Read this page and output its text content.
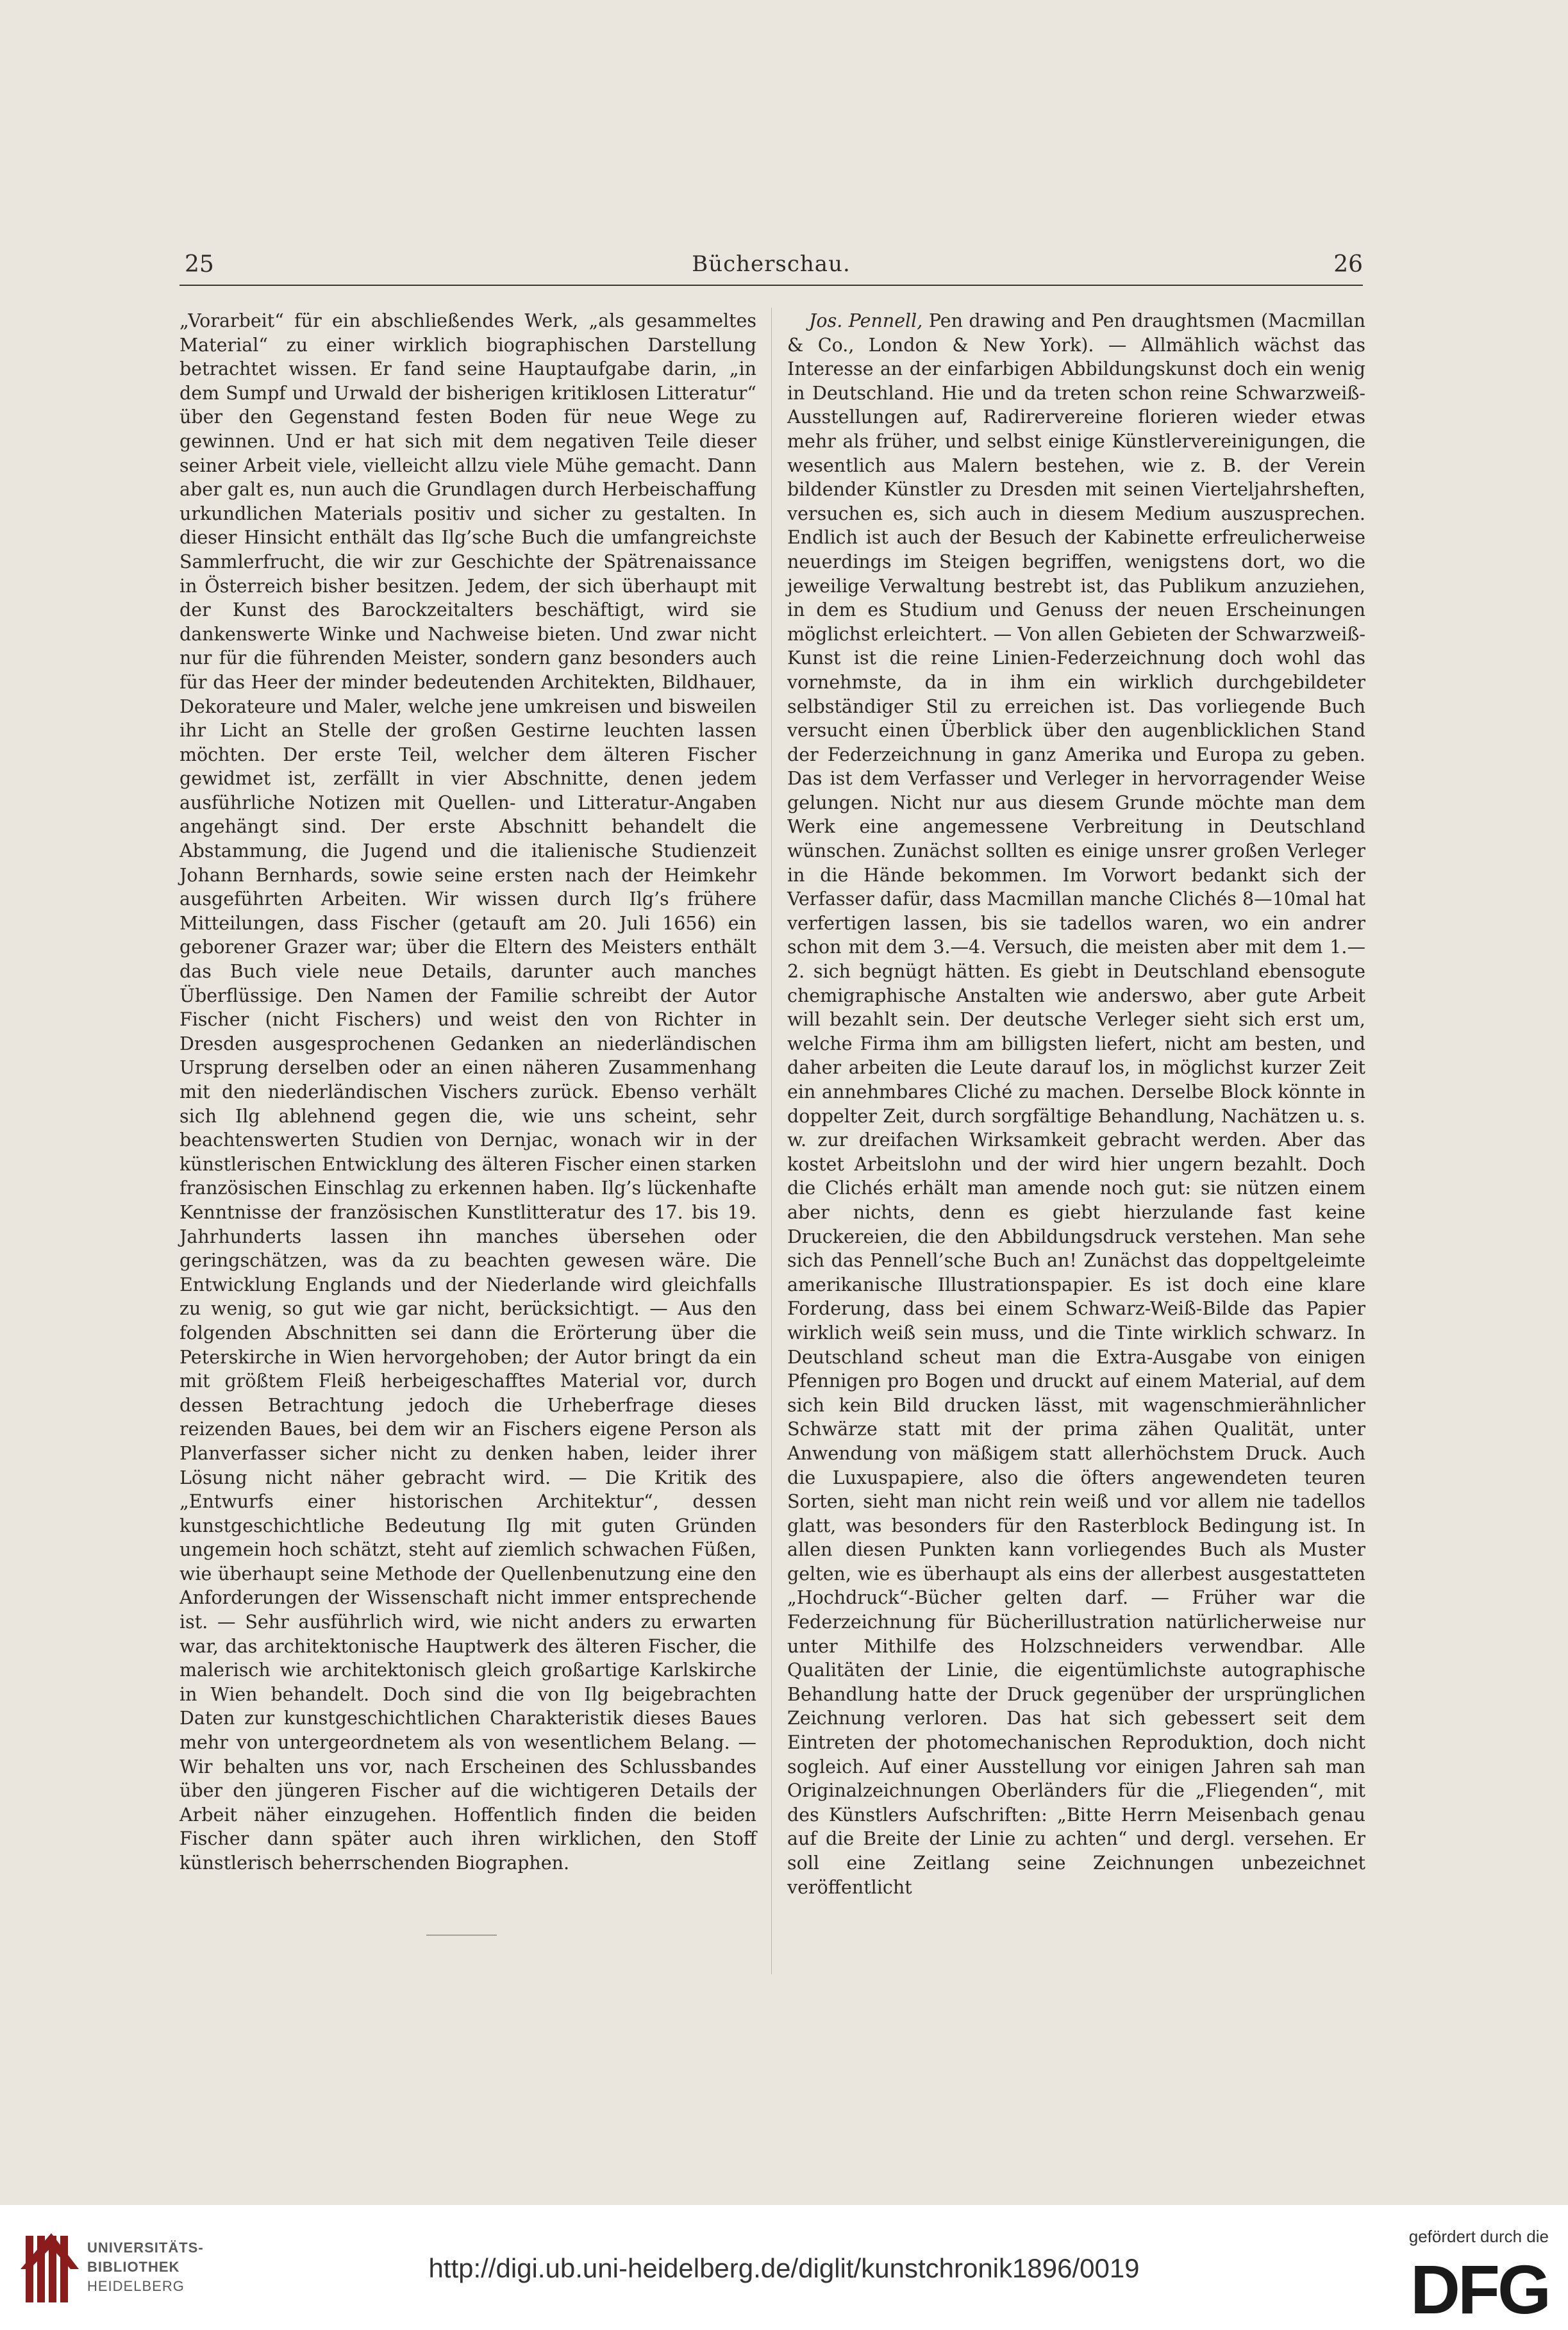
25	Bücherschau.	26

„Vorarbeit“ für ein abschließendes Werk, „als gesammeltes Material“ zu einer wirklich biographischen Darstellung betrachtet wissen. Er fand seine Hauptaufgabe darin, „in dem Sumpf und Urwald der bisherigen kritiklosen Litteratur“ über den Gegenstand festen Boden für neue Wege zu gewinnen. Und er hat sich mit dem negativen Teile dieser seiner Arbeit viele, vielleicht allzu viele Mühe gemacht. Dann aber galt es, nun auch die Grundlagen durch Herbeischaffung urkundlichen Materials positiv und sicher zu gestalten. In dieser Hinsicht enthält das Ilg’sche Buch die umfangreichste Sammlerfrucht, die wir zur Geschichte der Spätrenaissance in Österreich bisher besitzen. Jedem, der sich überhaupt mit der Kunst des Barockzeitalters beschäftigt, wird sie dankenswerte Winke und Nachweise bieten. Und zwar nicht nur für die führenden Meister, sondern ganz besonders auch für das Heer der minder bedeutenden Architekten, Bildhauer, Dekorateure und Maler, welche jene umkreisen und bisweilen ihr Licht an Stelle der großen Gestirne leuchten lassen möchten. Der erste Teil, welcher dem älteren Fischer gewidmet ist, zerfällt in vier Abschnitte, denen jedem ausführliche Notizen mit Quellen- und Litteratur-Angaben angehängt sind. Der erste Abschnitt behandelt die Abstammung, die Jugend und die italienische Studienzeit Johann Bernhards, sowie seine ersten nach der Heimkehr ausgeführten Arbeiten. Wir wissen durch Ilg’s frühere Mitteilungen, dass Fischer (getauft am 20. Juli 1656) ein geborener Grazer war; über die Eltern des Meisters enthält das Buch viele neue Details, darunter auch manches Überflüssige. Den Namen der Familie schreibt der Autor Fischer (nicht Fischers) und weist den von Richter in Dresden ausgesprochenen Gedanken an niederländischen Ursprung derselben oder an einen näheren Zusammenhang mit den niederländischen Vischers zurück. Ebenso verhält sich Ilg ablehnend gegen die, wie uns scheint, sehr beachtenswerten Studien von Dernjac, wonach wir in der künstlerischen Entwicklung des älteren Fischer einen starken französischen Einschlag zu erkennen haben. Ilg’s lückenhafte Kenntnisse der französischen Kunstlitteratur des 17. bis 19. Jahrhunderts lassen ihn manches übersehen oder geringschätzen, was da zu beachten gewesen wäre. Die Entwicklung Englands und der Niederlande wird gleichfalls zu wenig, so gut wie gar nicht, berücksichtigt. — Aus den folgenden Abschnitten sei dann die Erörterung über die Peterskirche in Wien hervorgehoben; der Autor bringt da ein mit größtem Fleiß herbeigeschafftes Material vor, durch dessen Betrachtung jedoch die Urheberfrage dieses reizenden Baues, bei dem wir an Fischers eigene Person als Planverfasser sicher nicht zu denken haben, leider ihrer Lösung nicht näher gebracht wird. — Die Kritik des „Entwurfs einer historischen Architektur“, dessen kunstgeschichtliche Bedeutung Ilg mit guten Gründen ungemein hoch schätzt, steht auf ziemlich schwachen Füßen, wie überhaupt seine Methode der Quellenbenutzung eine den Anforderungen der Wissenschaft nicht immer entsprechende ist. — Sehr ausführlich wird, wie nicht anders zu erwarten war, das architektonische Hauptwerk des älteren Fischer, die malerisch wie architektonisch gleich großartige Karlskirche in Wien behandelt. Doch sind die von Ilg beigebrachten Daten zur kunstgeschichtlichen Charakteristik dieses Baues mehr von untergeordnetem als von wesentlichem Belang. — Wir behalten uns vor, nach Erscheinen des Schlussbandes über den jüngeren Fischer auf die wichtigeren Details der Arbeit näher einzugehen. Hoffentlich finden die beiden Fischer dann später auch ihren wirklichen, den Stoff künstlerisch beherrschenden Biographen.

Jos. Pennell, Pen drawing and Pen draughtsmen (Macmillan & Co., London & New York). — Allmählich wächst das Interesse an der einfarbigen Abbildungskunst doch ein wenig in Deutschland. Hie und da treten schon reine Schwarzweiß-Ausstellungen auf, Radirervereine florieren wieder etwas mehr als früher, und selbst einige Künstlervereinigungen, die wesentlich aus Malern bestehen, wie z. B. der Verein bildender Künstler zu Dresden mit seinen Vierteljahrsheften, versuchen es, sich auch in diesem Medium auszusprechen. Endlich ist auch der Besuch der Kabinette erfreulicherweise neuerdings im Steigen begriffen, wenigstens dort, wo die jeweilige Verwaltung bestrebt ist, das Publikum anzuziehen, in dem es Studium und Genuss der neuen Erscheinungen möglichst erleichtert. — Von allen Gebieten der Schwarzweiß-Kunst ist die reine Linien-Federzeichnung doch wohl das vornehmste, da in ihm ein wirklich durchgebildeter selbständiger Stil zu erreichen ist. Das vorliegende Buch versucht einen Überblick über den augenblicklichen Stand der Federzeichnung in ganz Amerika und Europa zu geben. Das ist dem Verfasser und Verleger in hervorragender Weise gelungen. Nicht nur aus diesem Grunde möchte man dem Werk eine angemessene Verbreitung in Deutschland wünschen. Zunächst sollten es einige unsrer großen Verleger in die Hände bekommen. Im Vorwort bedankt sich der Verfasser dafür, dass Macmillan manche Clichés 8—10mal hat verfertigen lassen, bis sie tadellos waren, wo ein andrer schon mit dem 3.—4. Versuch, die meisten aber mit dem 1.—2. sich begnügt hätten. Es giebt in Deutschland ebensogute chemigraphische Anstalten wie anderswo, aber gute Arbeit will bezahlt sein. Der deutsche Verleger sieht sich erst um, welche Firma ihm am billigsten liefert, nicht am besten, und daher arbeiten die Leute darauf los, in möglichst kurzer Zeit ein annehmbares Cliché zu machen. Derselbe Block könnte in doppelter Zeit, durch sorgfältige Behandlung, Nachätzen u. s. w. zur dreifachen Wirksamkeit gebracht werden. Aber das kostet Arbeitslohn und der wird hier ungern bezahlt. Doch die Clichés erhält man amende noch gut: sie nützen einem aber nichts, denn es giebt hierzulande fast keine Druckereien, die den Abbildungsdruck verstehen. Man sehe sich das Pennell’sche Buch an! Zunächst das doppeltgeleimte amerikanische Illustrationspapier. Es ist doch eine klare Forderung, dass bei einem Schwarz-Weiß-Bilde das Papier wirklich weiß sein muss, und die Tinte wirklich schwarz. In Deutschland scheut man die Extra-Ausgabe von einigen Pfennigen pro Bogen und druckt auf einem Material, auf dem sich kein Bild drucken lässt, mit wagenschmierähnlicher Schwärze statt mit der prima zähen Qualität, unter Anwendung von mäßigem statt allerhöchstem Druck. Auch die Luxuspapiere, also die öfters angewendeten teuren Sorten, sieht man nicht rein weiß und vor allem nie tadellos glatt, was besonders für den Rasterblock Bedingung ist. In allen diesen Punkten kann vorliegendes Buch als Muster gelten, wie es überhaupt als eins der allerbest ausgestatteten „Hochdruck“-Bücher gelten darf. — Früher war die Federzeichnung für Bücherillustration natürlicherweise nur unter Mithilfe des Holzschneiders verwendbar. Alle Qualitäten der Linie, die eigentümlichste autographische Behandlung hatte der Druck gegenüber der ursprünglichen Zeichnung verloren. Das hat sich gebessert seit dem Eintreten der photomechanischen Reproduktion, doch nicht sogleich. Auf einer Ausstellung vor einigen Jahren sah man Originalzeichnungen Oberländers für die „Fliegenden“, mit des Künstlers Aufschriften: „Bitte Herrn Meisenbach genau auf die Breite der Linie zu achten“ und dergl. versehen. Er soll eine Zeitlang seine Zeichnungen unbezeichnet veröffentlicht

UNIVERSITÄTS-
BIBLIOTHEK
HEIDELBERG
http://digi.ub.uni-heidelberg.de/diglit/kunstchronik1896/0019
gefördert durch die
DFG
